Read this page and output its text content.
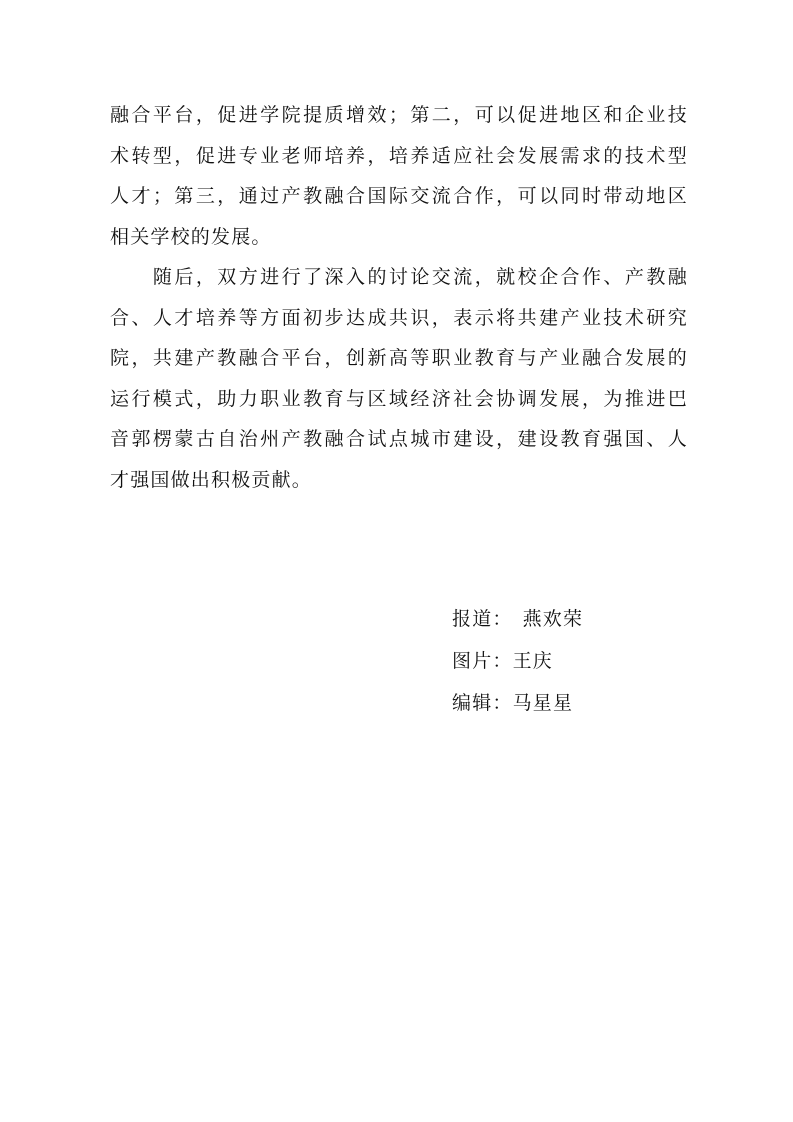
融合平台，促进学院提质增效；第二，可以促进地区和企业技
术转型，促进专业老师培养，培养适应社会发展需求的技术型
人才；第三，通过产教融合国际交流合作，可以同时带动地区
相关学校的发展。

　　随后，双方进行了深入的讨论交流，就校企合作、产教融
合、人才培养等方面初步达成共识，表示将共建产业技术研究
院，共建产教融合平台，创新高等职业教育与产业融合发展的
运行模式，助力职业教育与区域经济社会协调发展，为推进巴
音郭楞蒙古自治州产教融合试点城市建设，建设教育强国、人
才强国做出积极贡献。

报道： 燕欢荣
图片：王庆
编辑：马星星
